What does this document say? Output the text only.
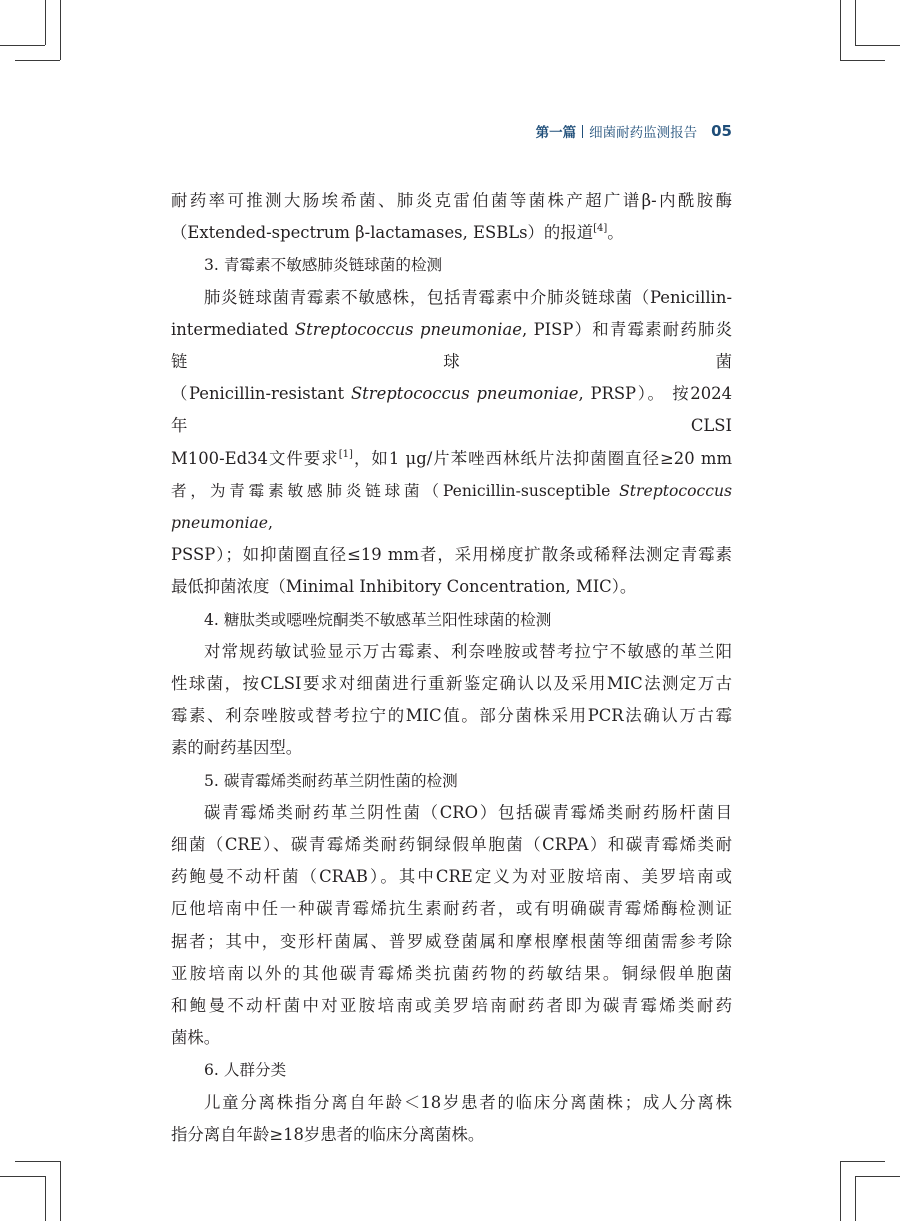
第一篇 细菌耐药监测报告 05

耐药率可推测大肠埃希菌、肺炎克雷伯菌等菌株产超广谱β-内酰胺酶

（Extended-spectrum β-lactamases, ESBLs）的报道[4]。

3. 青霉素不敏感肺炎链球菌的检测

肺炎链球菌青霉素不敏感株，包括青霉素中介肺炎链球菌（Penicillin-

intermediated Streptococcus pneumoniae, PISP）和青霉素耐药肺炎链球菌

（Penicillin-resistant Streptococcus pneumoniae, PRSP）。 按2024年CLSI

M100-Ed34文件要求[1]，如1 μg/片苯唑西林纸片法抑菌圈直径≥20 mm

者，为青霉素敏感肺炎链球菌（Penicillin-susceptible Streptococcus pneumoniae,

PSSP）；如抑菌圈直径≤19 mm者，采用梯度扩散条或稀释法测定青霉素

最低抑菌浓度（Minimal Inhibitory Concentration, MIC）。

4. 糖肽类或噁唑烷酮类不敏感革兰阳性球菌的检测

对常规药敏试验显示万古霉素、利奈唑胺或替考拉宁不敏感的革兰阳

性球菌，按CLSI要求对细菌进行重新鉴定确认以及采用MIC法测定万古

霉素、利奈唑胺或替考拉宁的MIC值。部分菌株采用PCR法确认万古霉

素的耐药基因型。

5. 碳青霉烯类耐药革兰阴性菌的检测

碳青霉烯类耐药革兰阴性菌（CRO）包括碳青霉烯类耐药肠杆菌目

细菌（CRE）、碳青霉烯类耐药铜绿假单胞菌（CRPA）和碳青霉烯类耐

药鲍曼不动杆菌（CRAB）。其中CRE定义为对亚胺培南、美罗培南或

厄他培南中任一种碳青霉烯抗生素耐药者，或有明确碳青霉烯酶检测证

据者；其中，变形杆菌属、普罗威登菌属和摩根摩根菌等细菌需参考除

亚胺培南以外的其他碳青霉烯类抗菌药物的药敏结果。铜绿假单胞菌

和鲍曼不动杆菌中对亚胺培南或美罗培南耐药者即为碳青霉烯类耐药

菌株。

6. 人群分类

儿童分离株指分离自年龄＜18岁患者的临床分离菌株；成人分离株

指分离自年龄≥18岁患者的临床分离菌株。
